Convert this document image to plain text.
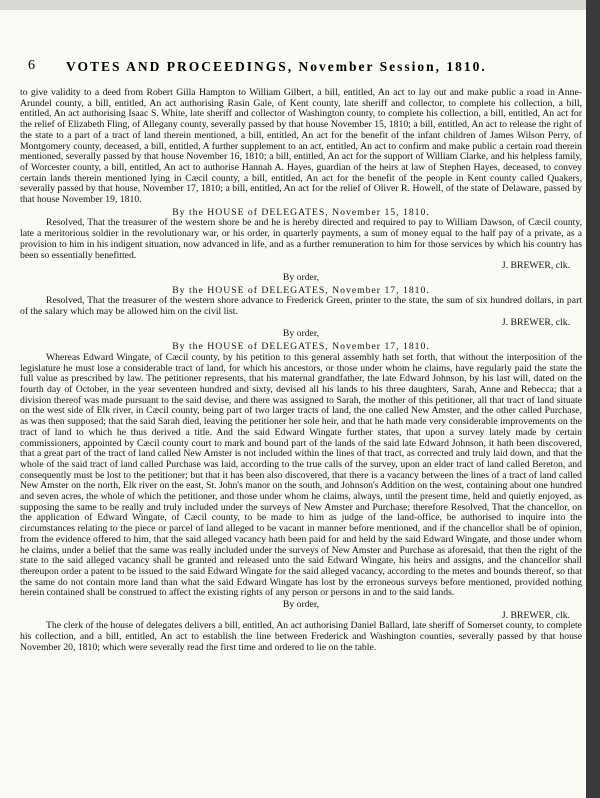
6 VOTES AND PROCEEDINGS, November Session, 1810.

to give validity to a deed from Robert Gilla Hampton to William Gilbert, a bill, entitled, An act to lay out and make public a road in Anne-Arundel county, a bill, entitled, An act authorising Rasin Gale, of Kent county, late sheriff and collector, to complete his collection, a bill, entitled, An act authorising Isaac S. White, late sheriff and collector of Washington county, to complete his collection, a bill, entitled, An act for the relief of Elizabeth Fling, of Allegany county, severally passed by that house November 15, 1810; a bill, entitled, An act to release the right of the state to a part of a tract of land therein mentioned, a bill, entitled, An act for the benefit of the infant children of James Wilson Perry, of Montgomery county, deceased, a bill, entitled, A further supplement to an act, entitled, An act to confirm and make public a certain road therein mentioned, severally passed by that house November 16, 1810; a bill, entitled, An act for the support of William Clarke, and his helpless family, of Worcester county, a bill, entitled, An act to authorise Hannah A. Hayes, guardian of the heirs at law of Stephen Hayes, deceased, to convey certain lands therein mentioned lying in Cæcil county, a bill, entitled, An act for the benefit of the people in Kent county called Quakers, severally passed by that house, November 17, 1810; a bill, entitled, An act for the relief of Oliver R. Howell, of the state of Delaware, passed by that house November 19, 1810.

By the HOUSE of DELEGATES, November 15, 1810.

Resolved, That the treasurer of the western shore be and he is hereby directed and required to pay to William Dawson, of Cæcil county, late a meritorious soldier in the revolutionary war, or his order, in quarterly payments, a sum of money equal to the half pay of a private, as a provision to him in his indigent situation, now advanced in life, and as a further remuneration to him for those services by which his country has been so essentially benefitted.

J. BREWER, clk.

By order,

By the HOUSE of DELEGATES, November 17, 1810.

Resolved, That the treasurer of the western shore advance to Frederick Green, printer to the state, the sum of six hundred dollars, in part of the salary which may be allowed him on the civil list.

J. BREWER, clk.

By order,

By the HOUSE of DELEGATES, November 17, 1810.

Whereas Edward Wingate, of Cæcil county, by his petition to this general assembly hath set forth, that without the interposition of the legislature he must lose a considerable tract of land, for which his ancestors, or those under whom he claims, have regularly paid the state the full value as prescribed by law. The petitioner represents, that his maternal grandfather, the late Edward Johnson, by his last will, dated on the fourth day of October, in the year seventeen hundred and sixty, devised all his lands to his three daughters, Sarah, Anne and Rebecca; that a division thereof was made pursuant to the said devise, and there was assigned to Sarah, the mother of this petitioner, all that tract of land situate on the west side of Elk river, in Cæcil county, being part of two larger tracts of land, the one called New Amster, and the other called Purchase, as was then supposed; that the said Sarah died, leaving the petitioner her sole heir, and that he hath made very considerable improvements on the tract of land to which he thus derived a title. And the said Edward Wingate further states, that upon a survey lately made by certain commissioners, appointed by Cæcil county court to mark and bound part of the lands of the said late Edward Johnson, it hath been discovered, that a great part of the tract of land called New Amster is not included within the lines of that tract, as corrected and truly laid down, and that the whole of the said tract of land called Purchase was laid, according to the true calls of the survey, upon an elder tract of land called Bereton, and consequently must be lost to the petitioner; but that it has been also discovered, that there is a vacancy between the lines of a tract of land called New Amster on the north, Elk river on the east, St. John's manor on the south, and Johnson's Addition on the west, containing about one hundred and seven acres, the whole of which the petitioner, and those under whom he claims, always, until the present time, held and quietly enjoyed, as supposing the same to be really and truly included under the surveys of New Amster and Purchase; therefore Resolved, That the chancellor, on the application of Edward Wingate, of Cæcil county, to be made to him as judge of the land-office, be authorised to inquire into the circumstances relating to the piece or parcel of land alleged to be vacant in manner before mentioned, and if the chancellor shall be of opinion, from the evidence offered to him, that the said alleged vacancy hath been paid for and held by the said Edward Wingate, and those under whom he claims, under a belief that the same was really included under the surveys of New Amster and Purchase as aforesaid, that then the right of the state to the said alleged vacancy shall be granted and released unto the said Edward Wingate, his heirs and assigns, and the chancellor shall thereupon order a patent to be issued to the said Edward Wingate for the said alleged vacancy, according to the metes and bounds thereof, so that the same do not contain more land than what the said Edward Wingate has lost by the erroneous surveys before mentioned, provided nothing herein contained shall be construed to affect the existing rights of any person or persons in and to the said lands.

By order,

J. BREWER, clk.

The clerk of the house of delegates delivers a bill, entitled, An act authorising Daniel Ballard, late sheriff of Somerset county, to complete his collection, and a bill, entitled, An act to establish the line between Frederick and Washington counties, severally passed by that house November 20, 1810; which were severally read the first time and ordered to lie on the table.
